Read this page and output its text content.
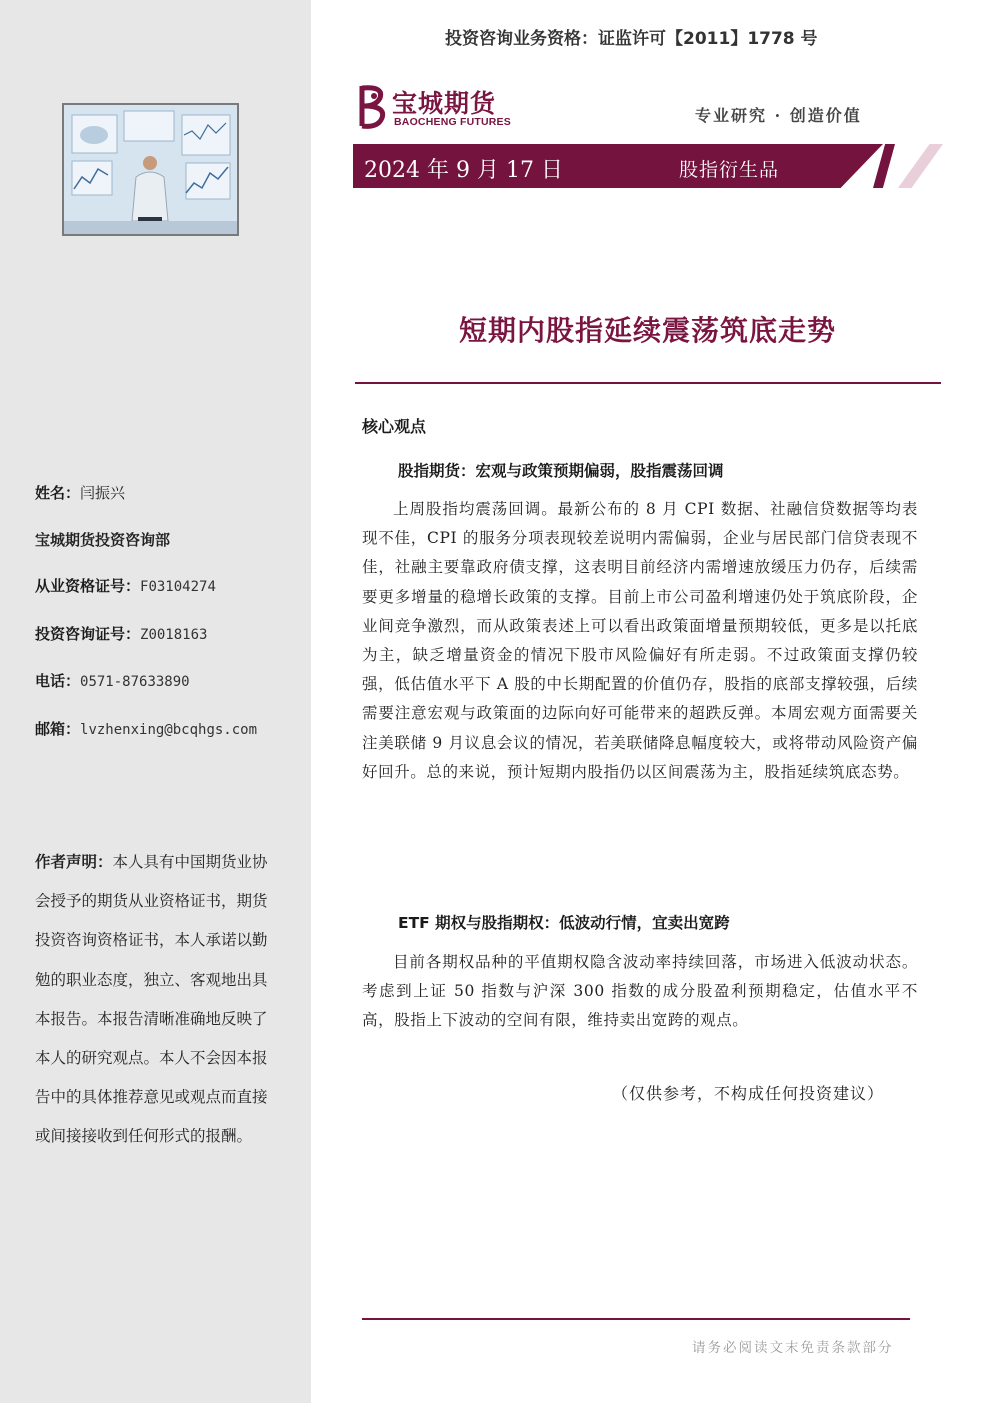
姓名：闫振兴
宝城期货投资咨询部
从业资格证号：F03104274
投资咨询证号：Z0018163
电话：0571-87633890
邮箱：lvzhenxing@bcqhgs.com
作者声明：本人具有中国期货业协会授予的期货从业资格证书，期货投资咨询资格证书，本人承诺以勤勉的职业态度，独立、客观地出具本报告。本报告清晰准确地反映了本人的研究观点。本人不会因本报告中的具体推荐意见或观点而直接或间接接收到任何形式的报酬。
投资咨询业务资格：证监许可【2011】1778 号
宝城期货
BAOCHENG FUTURES	专业研究 · 创造价值
2024 年 9 月 17 日	股指衍生品
短期内股指延续震荡筑底走势
核心观点
股指期货：宏观与政策预期偏弱，股指震荡回调
上周股指均震荡回调。最新公布的 8 月 CPI 数据、社融信贷数据等均表现不佳，CPI 的服务分项表现较差说明内需偏弱，企业与居民部门信贷表现不佳，社融主要靠政府债支撑，这表明目前经济内需增速放缓压力仍存，后续需要更多增量的稳增长政策的支撑。目前上市公司盈利增速仍处于筑底阶段，企业间竞争激烈，而从政策表述上可以看出政策面增量预期较低，更多是以托底为主，缺乏增量资金的情况下股市风险偏好有所走弱。不过政策面支撑仍较强，低估值水平下 A 股的中长期配置的价值仍存，股指的底部支撑较强，后续需要注意宏观与政策面的边际向好可能带来的超跌反弹。本周宏观方面需要关注美联储 9 月议息会议的情况，若美联储降息幅度较大，或将带动风险资产偏好回升。总的来说，预计短期内股指仍以区间震荡为主，股指延续筑底态势。
ETF 期权与股指期权：低波动行情，宜卖出宽跨
目前各期权品种的平值期权隐含波动率持续回落，市场进入低波动状态。考虑到上证 50 指数与沪深 300 指数的成分股盈利预期稳定，估值水平不高，股指上下波动的空间有限，维持卖出宽跨的观点。
（仅供参考，不构成任何投资建议）
请务必阅读文末免责条款部分
